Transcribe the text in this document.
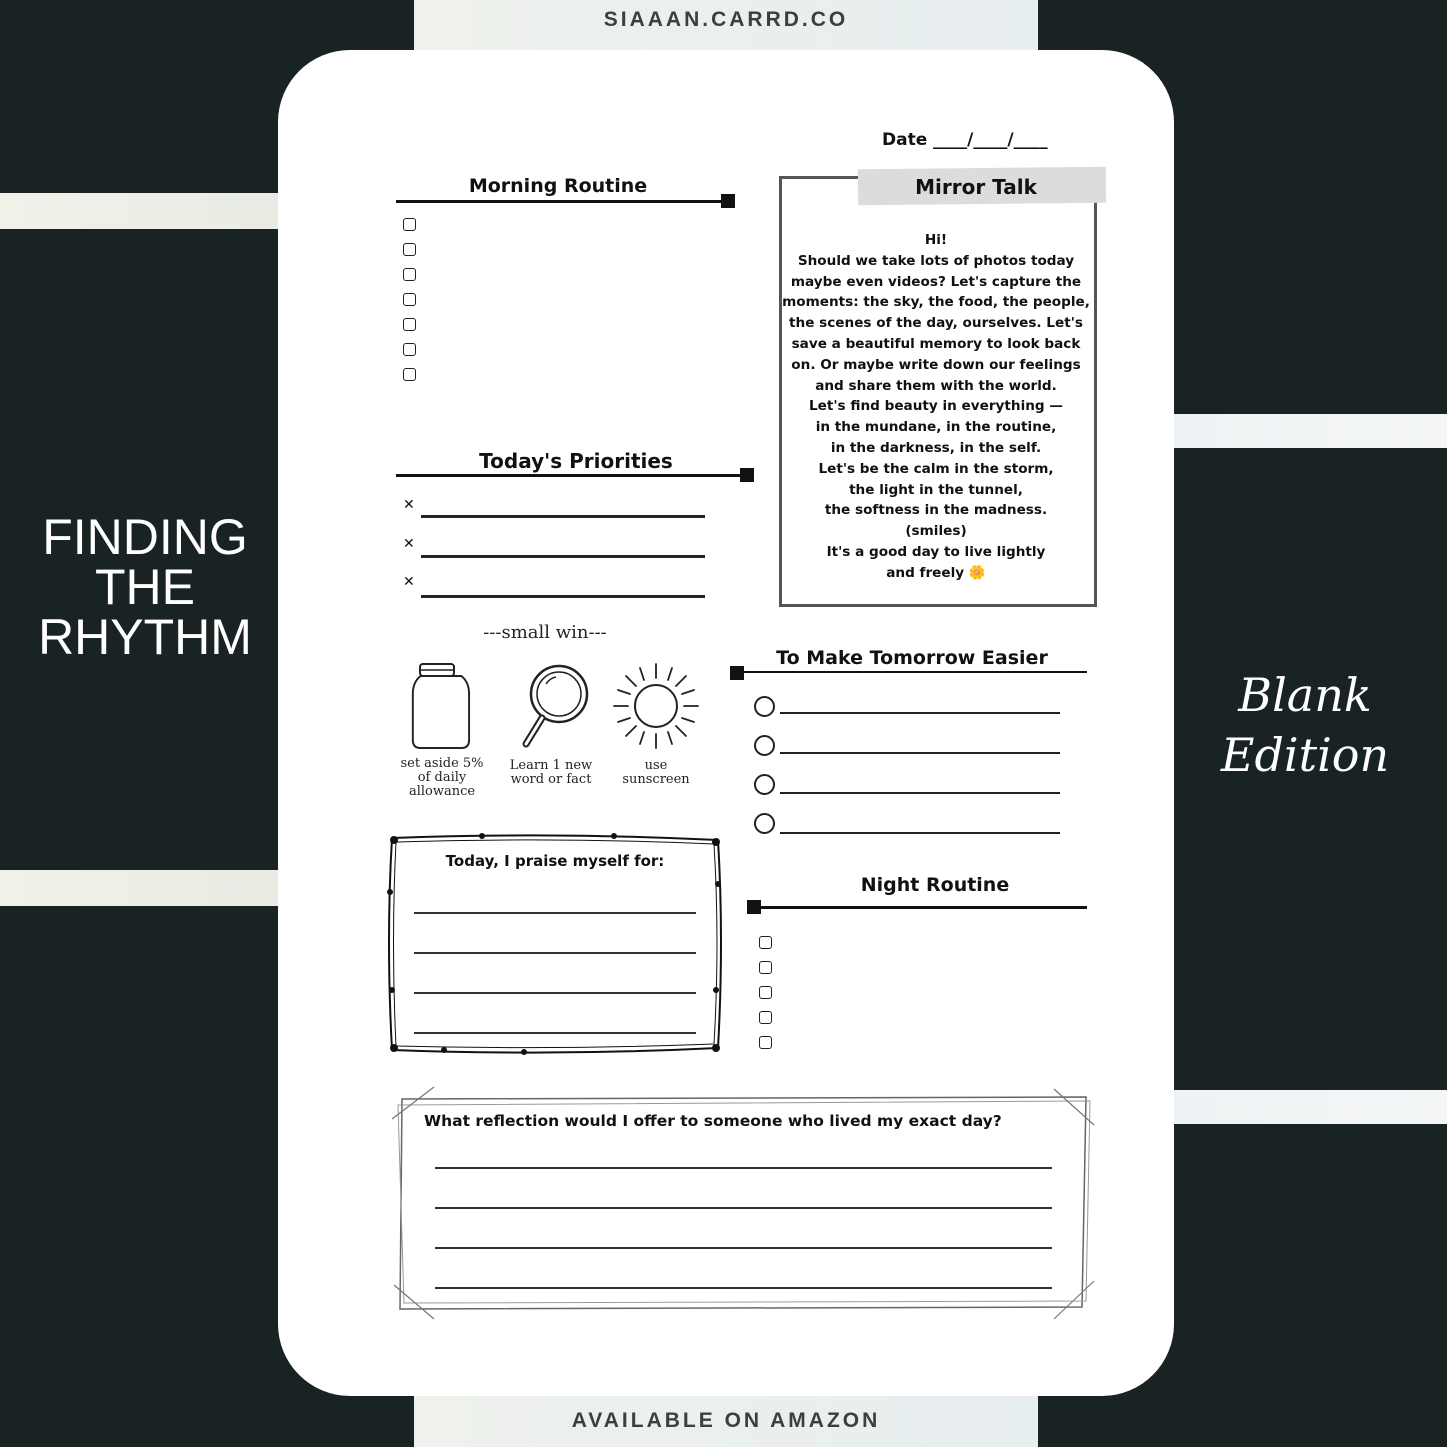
SIAAAN.CARRD.CO
AVAILABLE ON AMAZON
FINDING
THE
RHYTHM
Blank
Edition
Date ____/____/____
Morning Routine
Today's Priorities
✕
✕
✕
---small win---
set aside 5% of daily allowance
Learn 1 new word or fact
use sunscreen
Today, I praise myself for:
Mirror Talk
Hi!
Should we take lots of photos today
maybe even videos? Let's capture the
moments: the sky, the food, the people,
the scenes of the day, ourselves. Let's
save a beautiful memory to look back
on. Or maybe write down our feelings
and share them with the world.
Let's find beauty in everything —
in the mundane, in the routine,
in the darkness, in the self.
Let's be the calm in the storm,
the light in the tunnel,
the softness in the madness.
(smiles)
It's a good day to live lightly
and freely 🌼
To Make Tomorrow Easier
Night Routine
What reflection would I offer to someone who lived my exact day?
